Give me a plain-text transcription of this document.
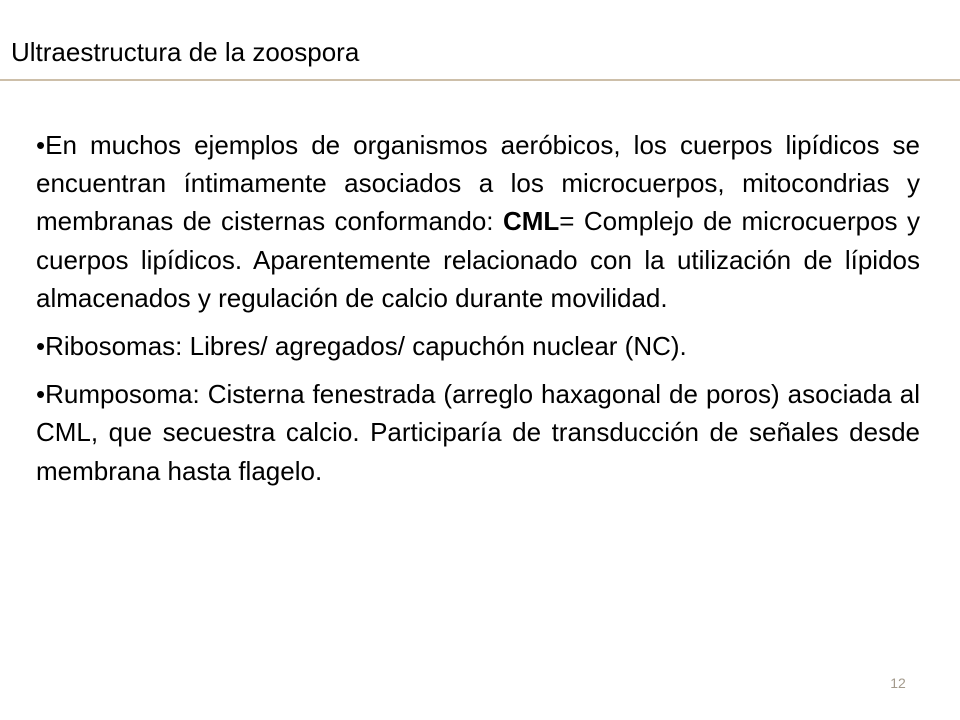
Ultraestructura de la zoospora

•En muchos ejemplos de organismos aeróbicos, los cuerpos lipídicos se encuentran íntimamente asociados a los microcuerpos, mitocondrias y membranas de cisternas conformando: CML= Complejo de microcuerpos y cuerpos lipídicos. Aparentemente relacionado con la utilización de lípidos almacenados y regulación de calcio durante movilidad.

•Ribosomas: Libres/ agregados/ capuchón nuclear (NC).

•Rumposoma: Cisterna fenestrada (arreglo haxagonal de poros) asociada al CML, que secuestra calcio. Participaría de transducción de señales desde membrana hasta flagelo.

12
